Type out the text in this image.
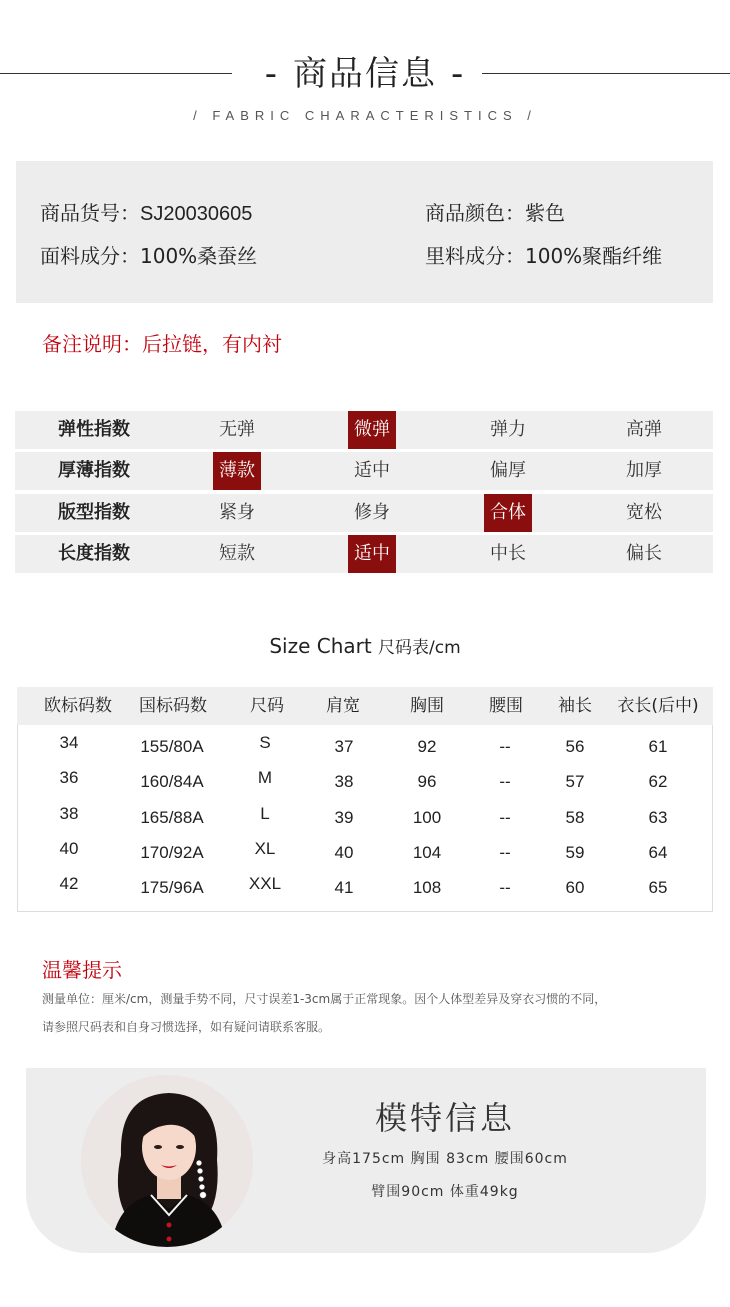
- 商品信息 -
/ FABRIC CHARACTERISTICS /
商品货号：SJ20030605	商品颜色：紫色
面料成分：100%桑蚕丝	里料成分：100%聚酯纤维
备注说明：后拉链，有内衬
弹性指数	无弹	微弹	弹力	高弹
厚薄指数	薄款	适中	偏厚	加厚
版型指数	紧身	修身	合体	宽松
长度指数	短款	适中	中长	偏长
Size Chart 尺码表/cm
欧标码数	国标码数	尺码	肩宽	胸围	腰围	袖长	衣长(后中)
34	155/80A	S	37	92	--	56	61
36	160/84A	M	38	96	--	57	62
38	165/88A	L	39	100	--	58	63
40	170/92A	XL	40	104	--	59	64
42	175/96A	XXL	41	108	--	60	65
温馨提示
测量单位：厘米/cm，测量手势不同，尺寸误差1-3cm属于正常现象。因个人体型差异及穿衣习惯的不同，
请参照尺码表和自身习惯选择，如有疑问请联系客服。
模特信息
身高175cm 胸围 83cm 腰围60cm
臂围90cm 体重49kg
